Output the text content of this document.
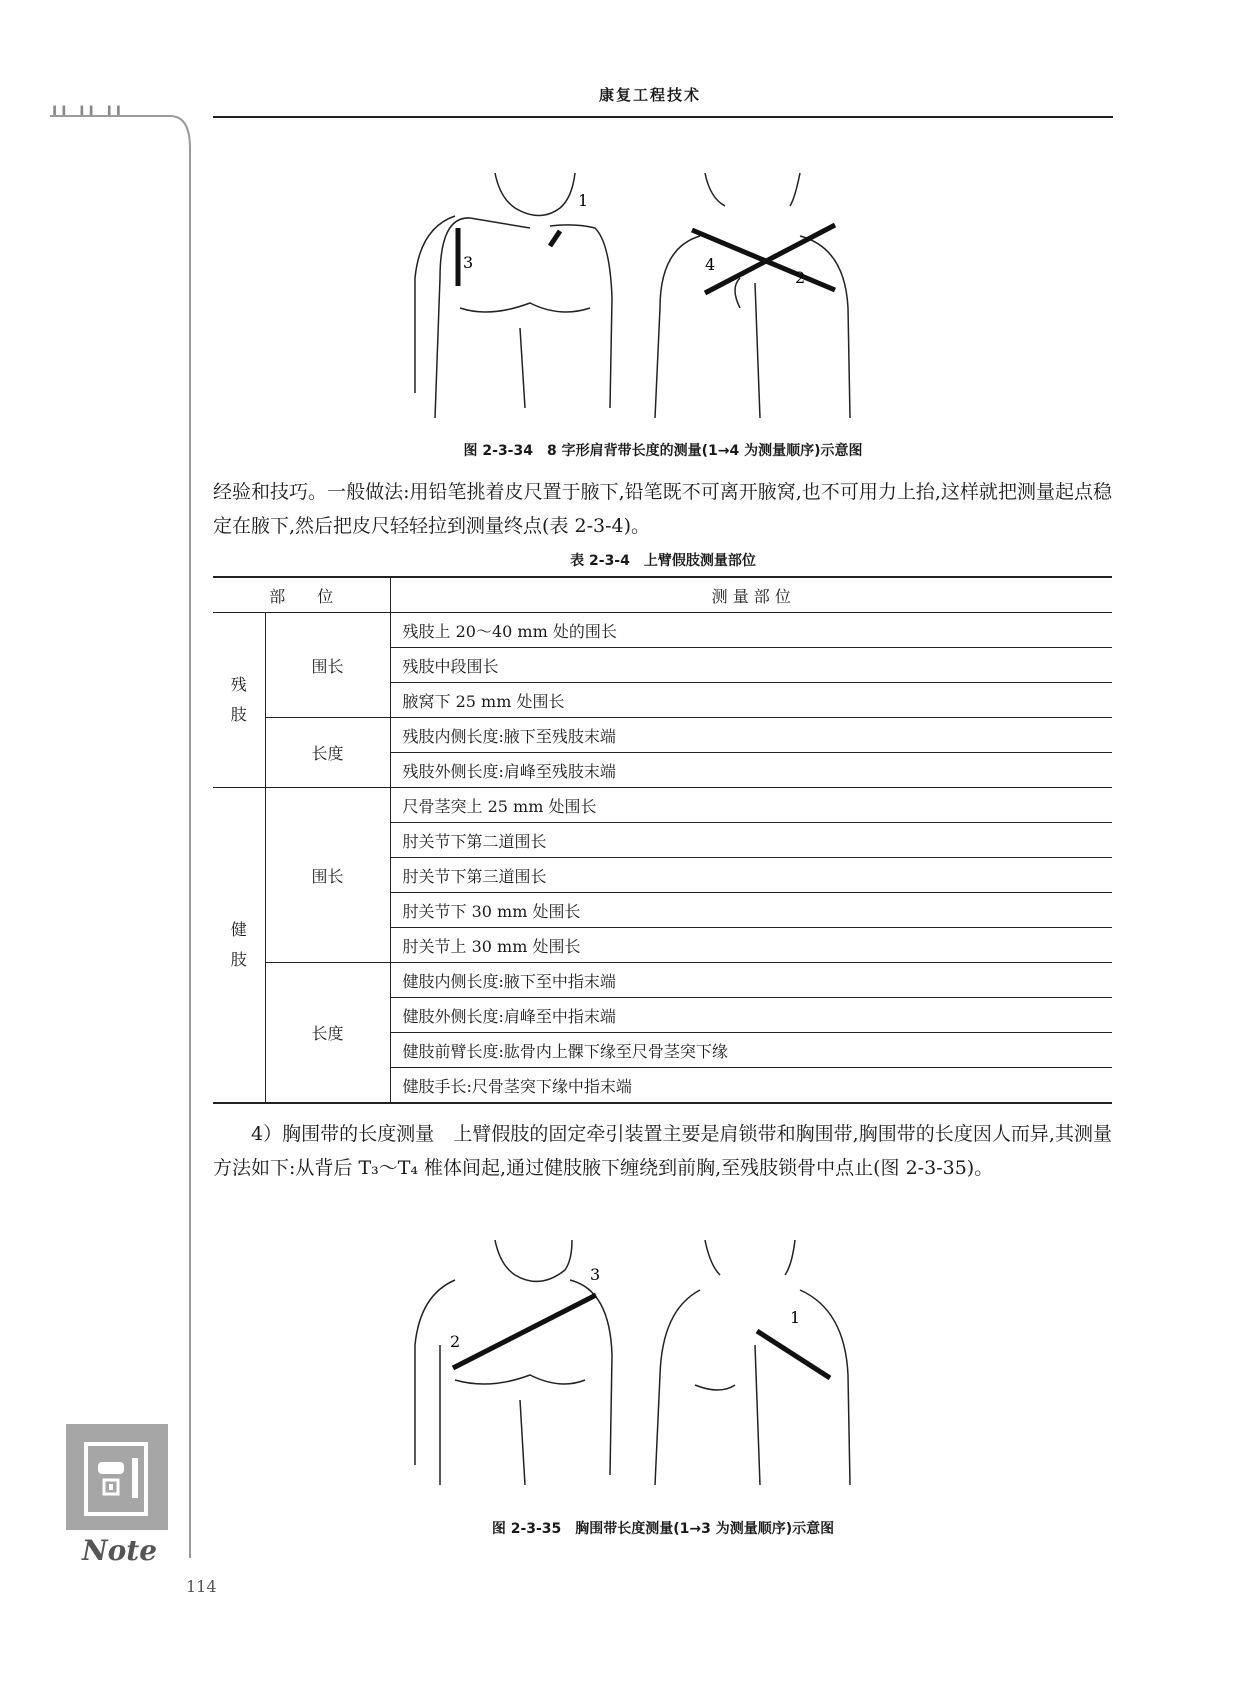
II II II
康复工程技术
1
3	4
2
图 2-3-34　8 字形肩背带长度的测量(1→4 为测量顺序)示意图
经验和技巧。一般做法:用铅笔挑着皮尺置于腋下,铅笔既不可离开腋窝,也不可用力上抬,这样就把测量起点稳定在腋下,然后把皮尺轻轻拉到测量终点(表 2-3-4)。
表 2-3-4　上臂假肢测量部位
部　　位		测 量 部 位
残
肢	围长	残肢上 20～40 mm 处的围长
		残肢中段围长
		腋窝下 25 mm 处围长
	长度	残肢内侧长度:腋下至残肢末端
		残肢外侧长度:肩峰至残肢末端
健
肢	围长	尺骨茎突上 25 mm 处围长
		肘关节下第二道围长
		肘关节下第三道围长
		肘关节下 30 mm 处围长
		肘关节上 30 mm 处围长
	长度	健肢内侧长度:腋下至中指末端
		健肢外侧长度:肩峰至中指末端
		健肢前臂长度:肱骨内上髁下缘至尺骨茎突下缘
		健肢手长:尺骨茎突下缘中指末端
4）胸围带的长度测量　上臂假肢的固定牵引装置主要是肩锁带和胸围带,胸围带的长度因人而异,其测量方法如下:从背后 T₃～T₄ 椎体间起,通过健肢腋下缠绕到前胸,至残肢锁骨中点止(图 2-3-35)。
3
2
1
图 2-3-35　胸围带长度测量(1→3 为测量顺序)示意图
Note
114
